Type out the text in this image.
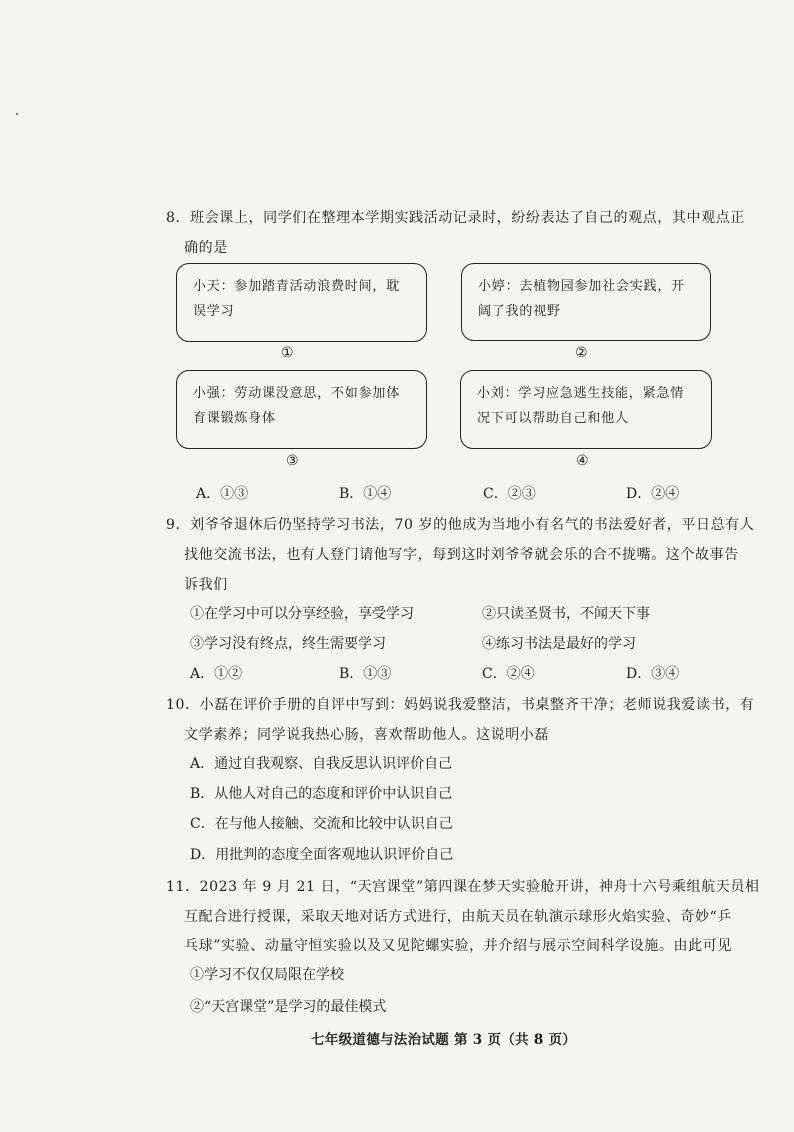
8．班会课上，同学们在整理本学期实践活动记录时，纷纷表达了自己的观点，其中观点正
确的是
小天：参加踏青活动浪费时间，耽误学习
①
小婷：去植物园参加社会实践，开阔了我的视野
②
小强：劳动课没意思，不如参加体育课锻炼身体
③
小刘：学习应急逃生技能，紧急情况下可以帮助自己和他人
④
A．①③	B．①④	C．②③	D．②④
9．刘爷爷退休后仍坚持学习书法，70 岁的他成为当地小有名气的书法爱好者，平日总有人
找他交流书法，也有人登门请他写字，每到这时刘爷爷就会乐的合不拢嘴。这个故事告
诉我们
①在学习中可以分享经验，享受学习	②只读圣贤书，不闻天下事
③学习没有终点，终生需要学习	④练习书法是最好的学习
A．①②	B．①③	C．②④	D．③④
10．小磊在评价手册的自评中写到：妈妈说我爱整洁，书桌整齐干净；老师说我爱读书，有
文学素养；同学说我热心肠，喜欢帮助他人。这说明小磊
A．通过自我观察、自我反思认识评价自己
B．从他人对自己的态度和评价中认识自己
C．在与他人接触、交流和比较中认识自己
D．用批判的态度全面客观地认识评价自己
11．2023 年 9 月 21 日，“天宫课堂”第四课在梦天实验舱开讲，神舟十六号乘组航天员相
互配合进行授课，采取天地对话方式进行，由航天员在轨演示球形火焰实验、奇妙“乒
乓球”实验、动量守恒实验以及又见陀螺实验，并介绍与展示空间科学设施。由此可见
①学习不仅仅局限在学校
②“天宫课堂”是学习的最佳模式
七年级道德与法治试题 第 3 页（共 8 页）
